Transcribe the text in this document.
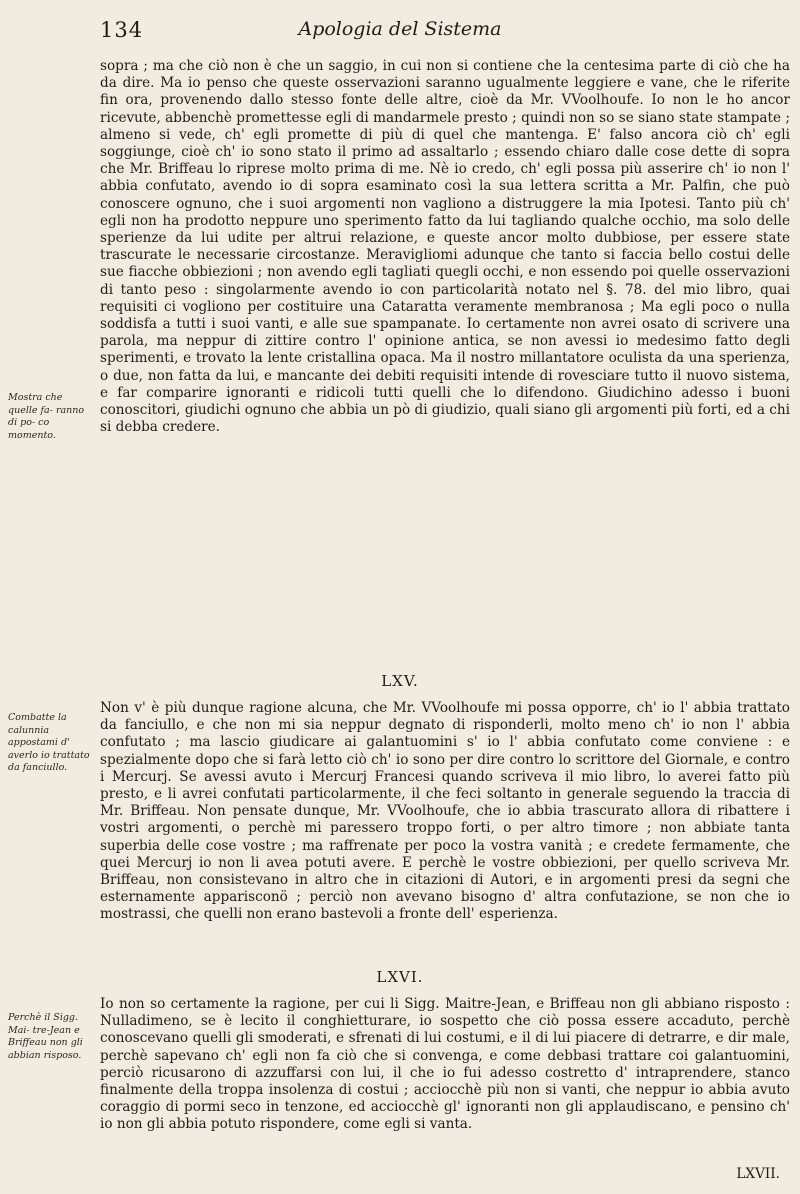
134	Apologia del Sistema
Mostra che quelle fa- ranno di po- co momento.
Combatte la calunnia appostami d' averlo io trattato da fanciullo.
Perchè il Sigg. Mai- tre-Jean e Briffeau non gli abbian risposo.

sopra ; ma che ciò non è che un saggio, in cui non si contiene che la centesima parte di ciò che ha da dire. Ma io penso che queste osservazioni saranno ugualmente leggiere e vane, che le riferite fin ora, provenendo dallo stesso fonte delle altre, cioè da Mr. VVoolhoufe. Io non le ho ancor ricevute, abbenchè promettesse egli di mandarmele presto ; quindi non so se siano state stampate ; almeno si vede, ch' egli promette di più di quel che mantenga. E' falso ancora ciò ch' egli soggiunge, cioè ch' io sono stato il primo ad assaltarlo ; essendo chiaro dalle cose dette di sopra che Mr. Briffeau lo riprese molto prima di me. Nè io credo, ch' egli possa più asserire ch' io non l' abbia confutato, avendo io di sopra esaminato così la sua lettera scritta a Mr. Palfin, che può conoscere ognuno, che i suoi argomenti non vagliono a distruggere la mia Ipotesi. Tanto più ch' egli non ha prodotto neppure uno sperimento fatto da lui tagliando qualche occhio, ma solo delle sperienze da lui udite per altrui relazione, e queste ancor molto dubbiose, per essere state trascurate le necessarie circostanze. Meravigliomi adunque che tanto si faccia bello costui delle sue fiacche obbiezioni ; non avendo egli tagliati quegli occhi, e non essendo poi quelle osservazioni di tanto peso : singolarmente avendo io con particolarità notato nel §. 78. del mio libro, quai requisiti ci vogliono per costituire una Cataratta veramente membranosa ; Ma egli poco o nulla soddisfa a tutti i suoi vanti, e alle sue spampanate. Io certamente non avrei osato di scrivere una parola, ma neppur di zittire contro l' opinione antica, se non avessi io medesimo fatto degli sperimenti, e trovato la lente cristallina opaca. Ma il nostro millantatore oculista da una sperienza, o due, non fatta da lui, e mancante dei debiti requisiti intende di rovesciare tutto il nuovo sistema, e far comparire ignoranti e ridicoli tutti quelli che lo difendono. Giudichino adesso i buoni conoscitori, giudichi ognuno che abbia un pò di giudizio, quali siano gli argomenti più forti, ed a chi si debba credere.

LXV.

Non v' è più dunque ragione alcuna, che Mr. VVoolhoufe mi possa opporre, ch' io l' abbia trattato da fanciullo, e che non mi sia neppur degnato di risponderli, molto meno ch' io non l' abbia confutato ; ma lascio giudicare ai galantuomini s' io l' abbia confutato come conviene : e spezialmente dopo che si farà letto ciò ch' io sono per dire contro lo scrittore del Giornale, e contro i Mercurj. Se avessi avuto i Mercurj Francesi quando scriveva il mio libro, lo averei fatto più presto, e li avrei confutati particolarmente, il che feci soltanto in generale seguendo la traccia di Mr. Briffeau. Non pensate dunque, Mr. VVoolhoufe, che io abbia trascurato allora di ribattere i vostri argomenti, o perchè mi paressero troppo forti, o per altro timore ; non abbiate tanta superbia delle cose vostre ; ma raffrenate per poco la vostra vanità ; e credete fermamente, che quei Mercurj io non li avea potuti avere. E perchè le vostre obbiezioni, per quello scriveva Mr. Briffeau, non consistevano in altro che in citazioni di Autori, e in argomenti presi da segni che esternamente apparisconö ; perciò non avevano bisogno d' altra confutazione, se non che io mostrassi, che quelli non erano bastevoli a fronte dell' esperienza.

LXVI.

Io non so certamente la ragione, per cui li Sigg. Maitre-Jean, e Briffeau non gli abbiano risposto : Nulladimeno, se è lecito il conghietturare, io sospetto che ciò possa essere accaduto, perchè conoscevano quelli gli smoderati, e sfrenati di lui costumi, e il di lui piacere di detrarre, e dir male, perchè sapevano ch' egli non fa ciò che si convenga, e come debbasi trattare coi galantuomini, perciò ricusarono di azzuffarsi con lui, il che io fui adesso costretto d' intraprendere, stanco finalmente della troppa insolenza di costui ; acciocchè più non si vanti, che neppur io abbia avuto coraggio di pormi seco in tenzone, ed acciocchè gl' ignoranti non gli applaudiscano, e pensino ch' io non gli abbia potuto rispondere, come egli si vanta.

LXVII.
